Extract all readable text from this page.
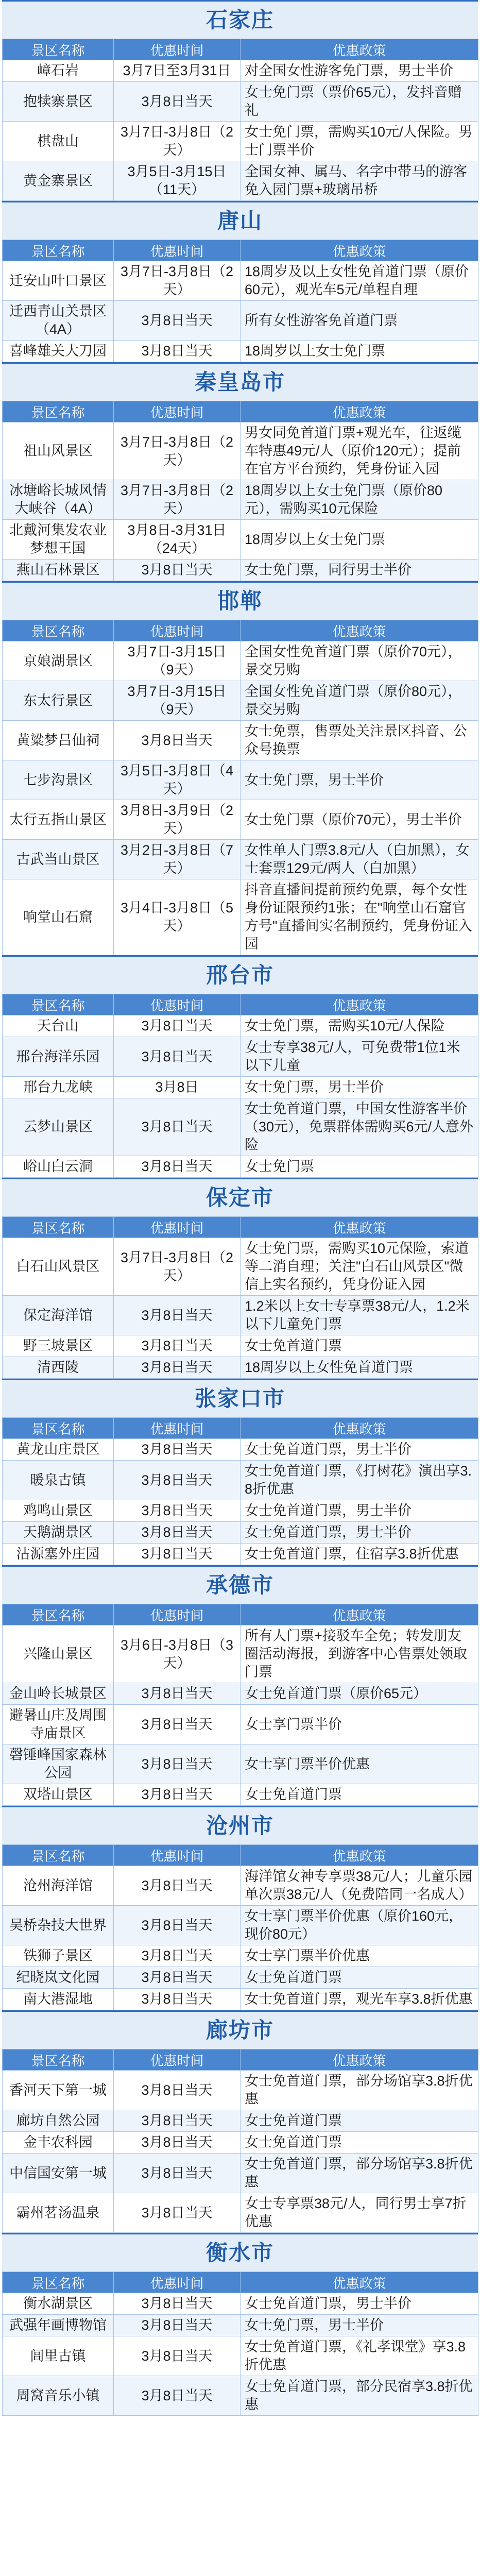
石家庄
景区名称	优惠时间	优惠政策
嶂石岩	3月7日至3月31日	对全国女性游客免门票，男士半价
抱犊寨景区	3月8日当天	女士免门票（票价65元），发抖音赠礼
棋盘山	3月7日-3月8日（2天）	女士免门票，需购买10元/人保险。男士门票半价
黄金寨景区	3月5日-3月15日（11天）	全国女神、属马、名字中带马的游客免入园门票+玻璃吊桥
唐山
景区名称	优惠时间	优惠政策
迁安山叶口景区	3月7日-3月8日（2天）	18周岁及以上女性免首道门票（原价60元），观光车5元/单程自理
迁西青山关景区（4A）	3月8日当天	所有女性游客免首道门票
喜峰雄关大刀园	3月8日当天	18周岁以上女士免门票
秦皇岛市
景区名称	优惠时间	优惠政策
祖山风景区	3月7日-3月8日（2天）	男女同免首道门票+观光车，往返缆车特惠49元/人（原价120元）；提前在官方平台预约，凭身份证入园
冰塘峪长城风情大峡谷（4A）	3月7日-3月8日（2天）	18周岁以上女士免门票（原价80元），需购买10元保险
北戴河集发农业梦想王国	3月8日-3月31日（24天）	18周岁以上女士免门票
燕山石林景区	3月8日当天	女士免门票，同行男士半价
邯郸
景区名称	优惠时间	优惠政策
京娘湖景区	3月7日-3月15日（9天）	全国女性免首道门票（原价70元），景交另购
东太行景区	3月7日-3月15日（9天）	全国女性免首道门票（原价80元），景交另购
黄粱梦吕仙祠	3月8日当天	女士免票，售票处关注景区抖音、公众号换票
七步沟景区	3月5日-3月8日（4天）	女士免门票，男士半价
太行五指山景区	3月8日-3月9日（2天）	女士免门票（原价70元），男士半价
古武当山景区	3月2日-3月8日（7天）	女性单人门票3.8元/人（白加黑），女士套票129元/两人（白加黑）
响堂山石窟	3月4日-3月8日（5天）	抖音直播间提前预约免票，每个女性身份证限预约1张；在"响堂山石窟官方号"直播间实名制预约，凭身份证入园
邢台市
景区名称	优惠时间	优惠政策
天台山	3月8日当天	女士免门票，需购买10元/人保险
邢台海洋乐园	3月8日当天	女士专享38元/人，可免费带1位1米以下儿童
邢台九龙峡	3月8日	女士免门票，男士半价
云梦山景区	3月8日当天	女士免首道门票，中国女性游客半价（30元），免票群体需购买6元/人意外险
峪山白云洞	3月8日当天	女士免门票
保定市
景区名称	优惠时间	优惠政策
白石山风景区	3月7日-3月8日（2天）	女士免门票，需购买10元保险，索道等二消自理；关注"白石山风景区"微信上实名预约，凭身份证入园
保定海洋馆	3月8日当天	1.2米以上女士专享票38元/人，1.2米以下儿童免门票
野三坡景区	3月8日当天	女士免首道门票
清西陵	3月8日当天	18周岁以上女性免首道门票
张家口市
景区名称	优惠时间	优惠政策
黄龙山庄景区	3月8日当天	女士免首道门票，男士半价
暖泉古镇	3月8日当天	女士免首道门票，《打树花》演出享3.8折优惠
鸡鸣山景区	3月8日当天	女士免首道门票，男士半价
天鹅湖景区	3月8日当天	女士免首道门票，男士半价
沽源塞外庄园	3月8日当天	女士免首道门票，住宿享3.8折优惠
承德市
景区名称	优惠时间	优惠政策
兴隆山景区	3月6日-3月8日（3天）	所有人门票+接驳车全免；转发朋友圈活动海报，到游客中心售票处领取门票
金山岭长城景区	3月8日当天	女士免首道门票（原价65元）
避暑山庄及周围寺庙景区	3月8日当天	女士享门票半价
磬锤峰国家森林公园	3月8日当天	女士享门票半价优惠
双塔山景区	3月8日当天	女士免首道门票
沧州市
景区名称	优惠时间	优惠政策
沧州海洋馆	3月8日当天	海洋馆女神专享票38元/人；儿童乐园单次票38元/人（免费陪同一名成人）
吴桥杂技大世界	3月8日当天	女士享门票半价优惠（原价160元，现价80元）
铁狮子景区	3月8日当天	女士享门票半价优惠
纪晓岚文化园	3月8日当天	女士免首道门票
南大港湿地	3月8日当天	女士免首道门票，观光车享3.8折优惠
廊坊市
景区名称	优惠时间	优惠政策
香河天下第一城	3月8日当天	女士免首道门票，部分场馆享3.8折优惠
廊坊自然公园	3月8日当天	女士免首道门票
金丰农科园	3月8日当天	女士免首道门票
中信国安第一城	3月8日当天	女士免首道门票，部分场馆享3.8折优惠
霸州茗汤温泉	3月8日当天	女士专享票38元/人，同行男士享7折优惠
衡水市
景区名称	优惠时间	优惠政策
衡水湖景区	3月8日当天	女士免首道门票，男士半价
武强年画博物馆	3月8日当天	女士免门票，男士半价
闾里古镇	3月8日当天	女士免首道门票，《礼孝课堂》享3.8折优惠
周窝音乐小镇	3月8日当天	女士免首道门票，部分民宿享3.8折优惠
